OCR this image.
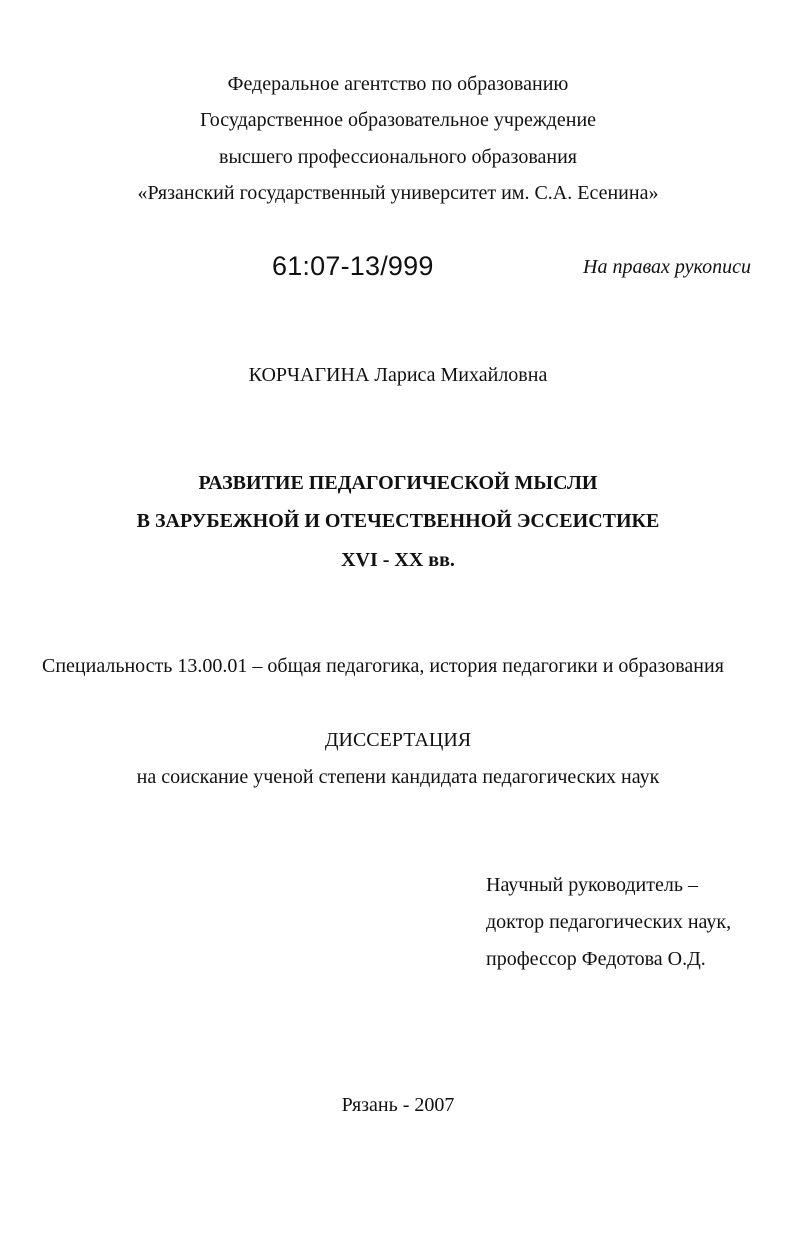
Федеральное агентство по образованию
Государственное образовательное учреждение
высшего профессионального образования
«Рязанский государственный университет им. С.А. Есенина»
61:07-13/999	На правах рукописи
КОРЧАГИНА Лариса Михайловна
РАЗВИТИЕ ПЕДАГОГИЧЕСКОЙ МЫСЛИ
В ЗАРУБЕЖНОЙ И ОТЕЧЕСТВЕННОЙ ЭССЕИСТИКЕ
XVI - XX вв.
Специальность 13.00.01 – общая педагогика, история педагогики и образования
ДИССЕРТАЦИЯ
на соискание ученой степени кандидата педагогических наук
Научный руководитель –
доктор педагогических наук,
профессор Федотова О.Д.
Рязань - 2007
